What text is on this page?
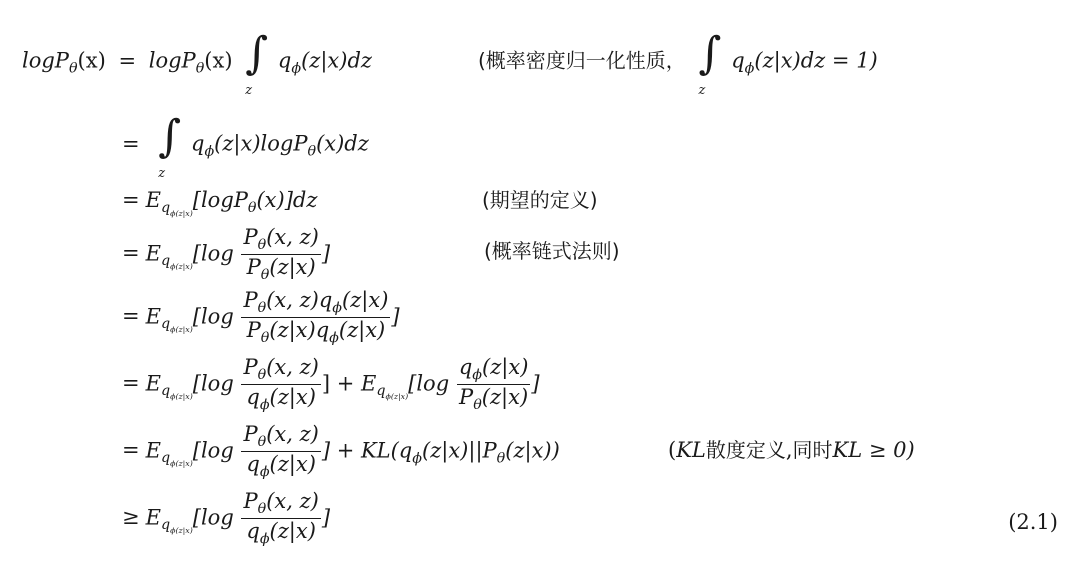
logP$_\theta$(x) = logP$_\theta$(x) ∫
z
$q_\phi(z|x)dz$	(概率密度归一化性质， ∫
z
$q_\phi(z|x)dz = 1$)
= ∫
z
$q_\phi(z|x)\log P_\theta(x)dz$
= $E_{q_{\phi(z|x)}}[\log P_\theta(x)]dz$	(期望的定义)
= $E_{q_{\phi(z|x)}}[\log \frac{P_\theta(x, z)}{P_\theta(z|x)}$ ]	(概率链式法则)
= $E_{q_{\phi(z|x)}}[\log \frac{P_\theta(x, z)q_\phi(z|x)}{P_\theta(z|x)q_\phi(z|x)}$ ]
= $E_{q_{\phi(z|x)}}[\log \frac{P_\theta(x, z)}{q_\phi(z|x)}$ ] + $E_{q_{\phi(z|x)}}[\log \frac{q_\phi(z|x)}{P_\theta(z|x)}$ ]
= $E_{q_{\phi(z|x)}}[\log \frac{P_\theta(x, z)}{q_\phi(z|x)}$ ] + $KL(q_\phi(z|x)||P_\theta(z|x))$	(KL散度定义,同时KL ≥ 0)
≥ $E_{q_{\phi(z|x)}}[\log \frac{P_\theta(x, z)}{q_\phi(z|x)}$ ]	(2.1)
